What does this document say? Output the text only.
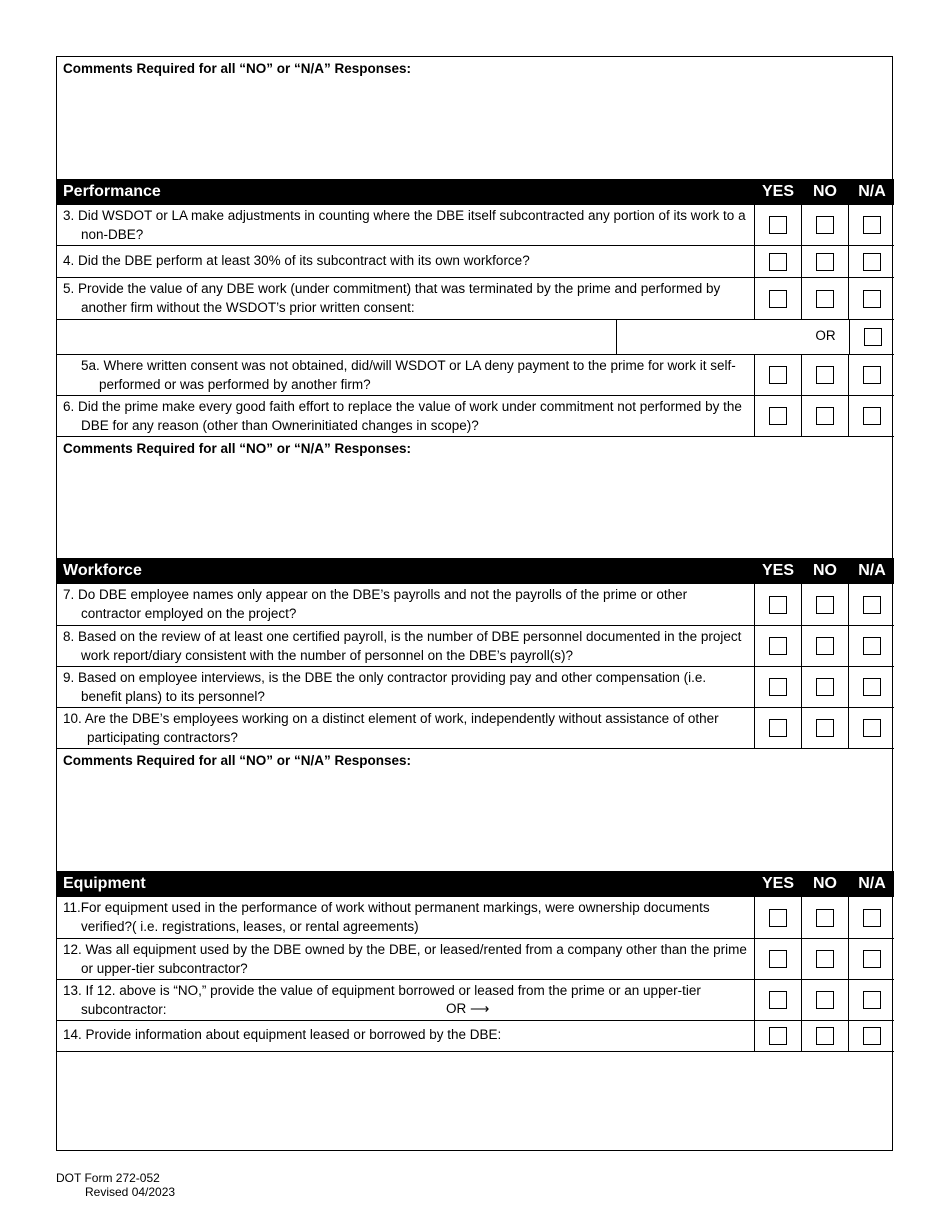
Comments Required for all “NO” or “N/A” Responses:
Performance	YES	NO	N/A
3. Did WSDOT or LA make adjustments in counting where the DBE itself subcontracted any portion of its work to a non-DBE?
4. Did the DBE perform at least 30% of its subcontract with its own workforce?
5. Provide the value of any DBE work (under commitment) that was terminated by the prime and performed by another firm without the WSDOT’s prior written consent:
OR
5a. Where written consent was not obtained, did/will WSDOT or LA deny payment to the prime for work it self-performed or was performed by another firm?
6. Did the prime make every good faith effort to replace the value of work under commitment not performed by the DBE for any reason (other than Ownerinitiated changes in scope)?
Comments Required for all “NO” or “N/A” Responses:
Workforce	YES	NO	N/A
7. Do DBE employee names only appear on the DBE’s payrolls and not the payrolls of the prime or other contractor employed on the project?
8. Based on the review of at least one certified payroll, is the number of DBE personnel documented in the project work report/diary consistent with the number of personnel on the DBE’s payroll(s)?
9. Based on employee interviews, is the DBE the only contractor providing pay and other compensation (i.e. benefit plans) to its personnel?
10. Are the DBE’s employees working on a distinct element of work, independently without assistance of other participating contractors?
Comments Required for all “NO” or “N/A” Responses:
Equipment	YES	NO	N/A
11.For equipment used in the performance of work without permanent markings, were ownership documents verified?( i.e. registrations, leases, or rental agreements)
12. Was all equipment used by the DBE owned by the DBE, or leased/rented from a company other than the prime or upper-tier subcontractor?
13. If 12. above is “NO,” provide the value of equipment borrowed or leased from the prime or an upper-tier subcontractor:	OR ⟶
14. Provide information about equipment leased or borrowed by the DBE:
DOT Form 272-052
Revised 04/2023
